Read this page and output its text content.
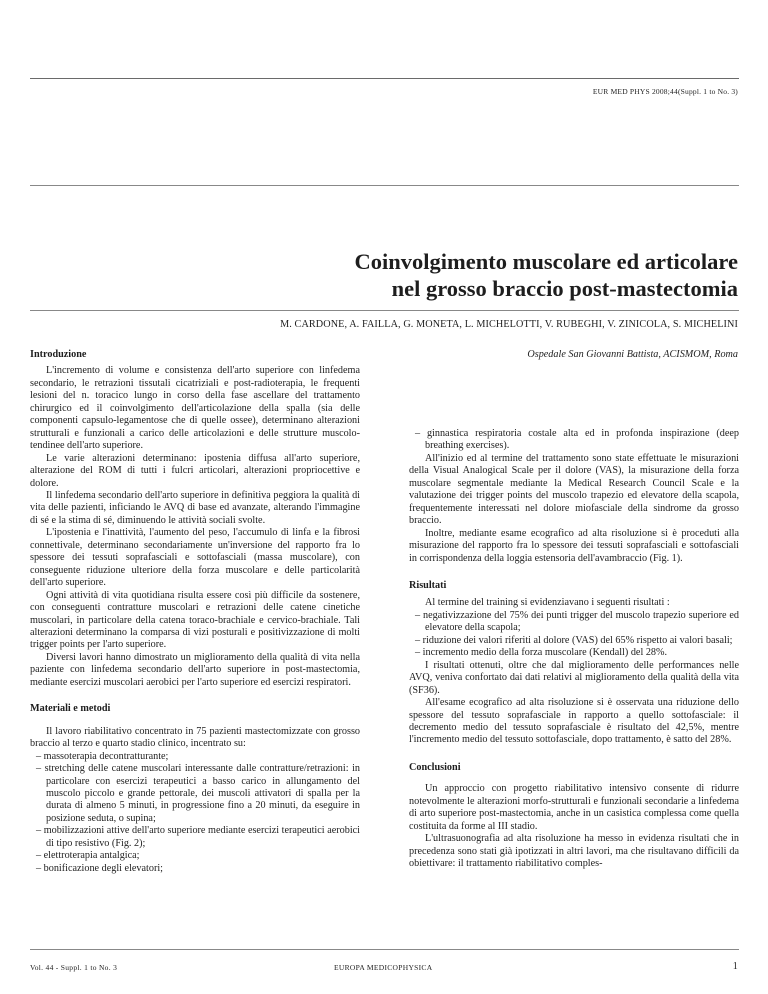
EUR MED PHYS 2008;44(Suppl. 1 to No. 3)
Coinvolgimento muscolare ed articolare
nel grosso braccio post-mastectomia
M. CARDONE, A. FAILLA, G. MONETA, L. MICHELOTTI, V. RUBEGHI, V. ZINICOLA, S. MICHELINI
Ospedale San Giovanni Battista, ACISMOM, Roma
Introduzione

L'incremento di volume e consistenza dell'arto superiore con linfedema secondario, le retrazioni tissutali cicatriziali e post-radioterapia, le frequenti lesioni del n. toracico lungo in corso della fase ascellare del trattamento chirurgico ed il coinvolgimento dell'articolazione della spalla (sia delle componenti capsulo-legamentose che di quelle ossee), determinano alterazioni strutturali e funzionali a carico delle articolazioni e delle strutture muscolo-tendinee dell'arto superiore.

Le varie alterazioni determinano: ipostenia diffusa all'arto superiore, alterazione del ROM di tutti i fulcri articolari, alterazioni propriocettive e dolore.

Il linfedema secondario dell'arto superiore in definitiva peggiora la qualità di vita delle pazienti, inficiando le AVQ di base ed avanzate, alterando l'immagine di sé e la stima di sé, diminuendo le attività sociali svolte.

L'ipostenia e l'inattività, l'aumento del peso, l'accumulo di linfa e la fibrosi connettivale, determinano secondariamente un'inversione del rapporto fra lo spessore dei tessuti soprafasciali e sottofasciali (massa muscolare), con conseguente riduzione ulteriore della forza muscolare e delle particolarità dell'arto superiore.

Ogni attività di vita quotidiana risulta essere così più difficile da sostenere, con conseguenti contratture muscolari e retrazioni delle catene cinetiche muscolari, in particolare della catena toraco-brachiale e cervico-brachiale. Tali alterazioni determinano la comparsa di vizi posturali e positivizzazione di molti trigger points per l'arto superiore.

Diversi lavori hanno dimostrato un miglioramento della qualità di vita nella paziente con linfedema secondario dell'arto superiore in post-mastectomia, mediante esercizi muscolari aerobici per l'arto superiore ed esercizi respiratori.

Materiali e metodi

Il lavoro riabilitativo concentrato in 75 pazienti mastectomizzate con grosso braccio al terzo e quarto stadio clinico, incentrato su:

– massoterapia decontratturante;
– stretching delle catene muscolari interessante dalle contratture/retrazioni: in particolare con esercizi terapeutici a basso carico in allungamento del muscolo piccolo e grande pettorale, dei muscoli attivatori di spalla per la durata di almeno 5 minuti, in progressione fino a 20 minuti, da eseguire in posizione seduta, o supina;
– mobilizzazioni attive dell'arto superiore mediante esercizi terapeutici aerobici di tipo resistivo (Fig. 2);
– elettroterapia antalgica;
– bonificazione degli elevatori;
– ginnastica respiratoria costale alta ed in profonda inspirazione (deep breathing exercises).

All'inizio ed al termine del trattamento sono state effettuate le misurazioni della Visual Analogical Scale per il dolore (VAS), la misurazione della forza muscolare segmentale mediante la Medical Research Council Scale e la valutazione dei trigger points del muscolo trapezio ed elevatore della scapola, frequentemente interessati nel dolore miofasciale della sindrome da grosso braccio.

Inoltre, mediante esame ecografico ad alta risoluzione si è proceduti alla misurazione del rapporto fra lo spessore dei tessuti soprafasciali e sottofasciali in corrispondenza della loggia estensoria dell'avambraccio (Fig. 1).

Risultati

Al termine del training si evidenziavano i seguenti risultati :

– negativizzazione del 75% dei punti trigger del muscolo trapezio superiore ed elevatore della scapola;
– riduzione dei valori riferiti al dolore (VAS) del 65% rispetto ai valori basali;
– incremento medio della forza muscolare (Kendall) del 28%.

I risultati ottenuti, oltre che dal miglioramento delle performances nelle AVQ, veniva confortato dai dati relativi al miglioramento della qualità della vita (SF36).

All'esame ecografico ad alta risoluzione si è osservata una riduzione dello spessore del tessuto soprafasciale in rapporto a quello sottofasciale: il decremento medio del tessuto soprafasciale è risultato del 42,5%, mentre l'incremento medio del tessuto sottofasciale, dopo trattamento, è satto del 28%.

Conclusioni

Un approccio con progetto riabilitativo intensivo consente di ridurre notevolmente le alterazioni morfo-strutturali e funzionali secondarie a linfedema di arto superiore post-mastectomia, anche in un casistica complessa come quella costituita da forme al III stadio.

L'ultrasuonografia ad alta risoluzione ha messo in evidenza risultati che in precedenza sono stati già ipotizzati in altri lavori, ma che risultavano difficili da obiettivare: il trattamento riabilitativo comples-

Vol. 44 - Suppl. 1 to No. 3	EUROPA MEDICOPHYSICA	1
